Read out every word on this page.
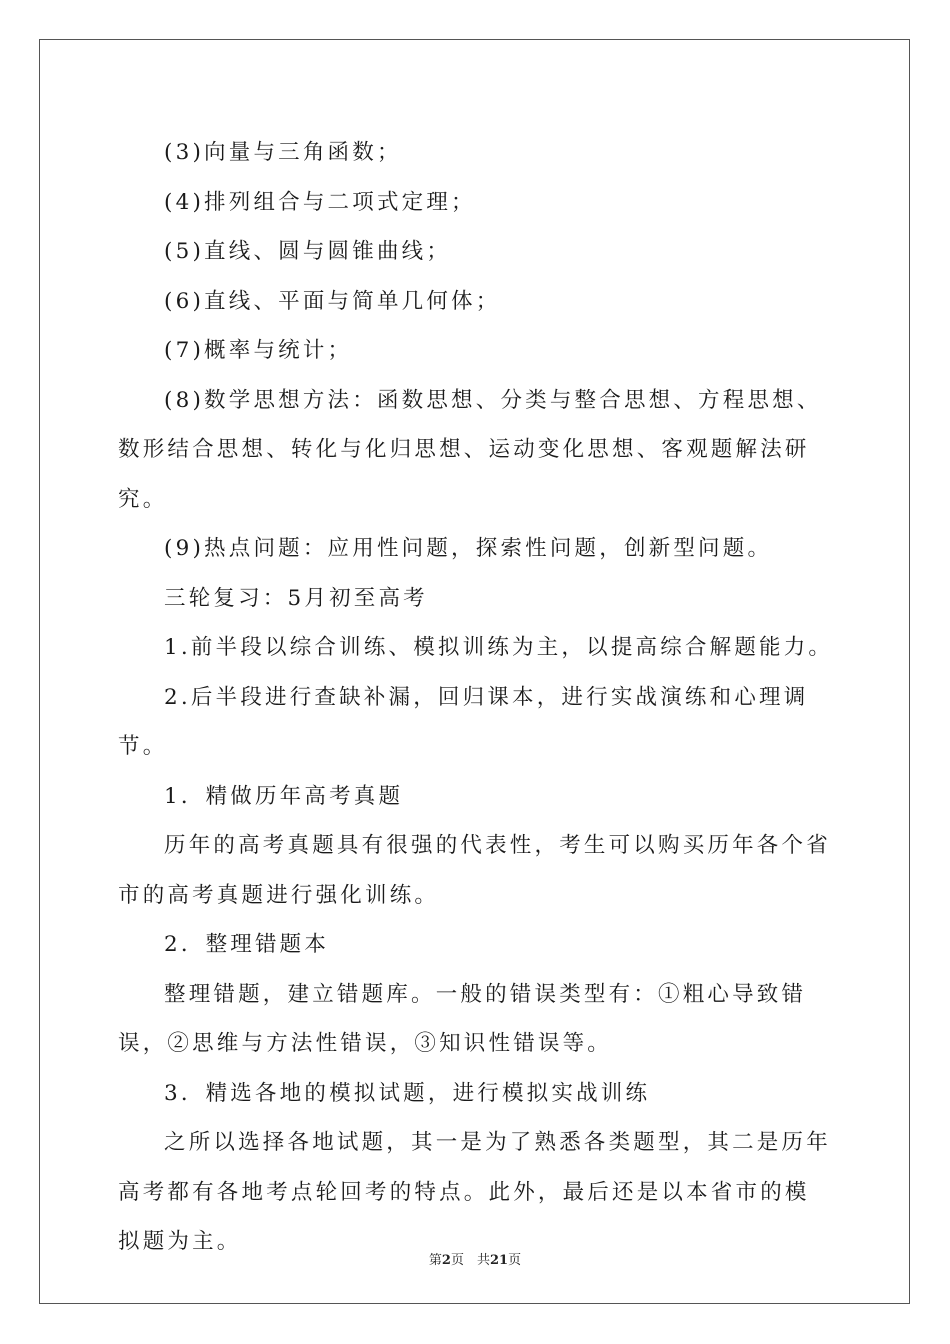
(3)向量与三角函数；

(4)排列组合与二项式定理；

(5)直线、圆与圆锥曲线；

(6)直线、平面与简单几何体；

(7)概率与统计；

(8)数学思想方法：函数思想、分类与整合思想、方程思想、数形结合思想、转化与化归思想、运动变化思想、客观题解法研究。

(9)热点问题：应用性问题，探索性问题，创新型问题。

三轮复习：5月初至高考

1.前半段以综合训练、模拟训练为主，以提高综合解题能力。

2.后半段进行查缺补漏，回归课本，进行实战演练和心理调节。

1．精做历年高考真题

历年的高考真题具有很强的代表性，考生可以购买历年各个省市的高考真题进行强化训练。

2．整理错题本

整理错题，建立错题库。一般的错误类型有：①粗心导致错误，②思维与方法性错误，③知识性错误等。

3．精选各地的模拟试题，进行模拟实战训练

之所以选择各地试题，其一是为了熟悉各类题型，其二是历年高考都有各地考点轮回考的特点。此外，最后还是以本省市的模拟题为主。

第2页　共21页
